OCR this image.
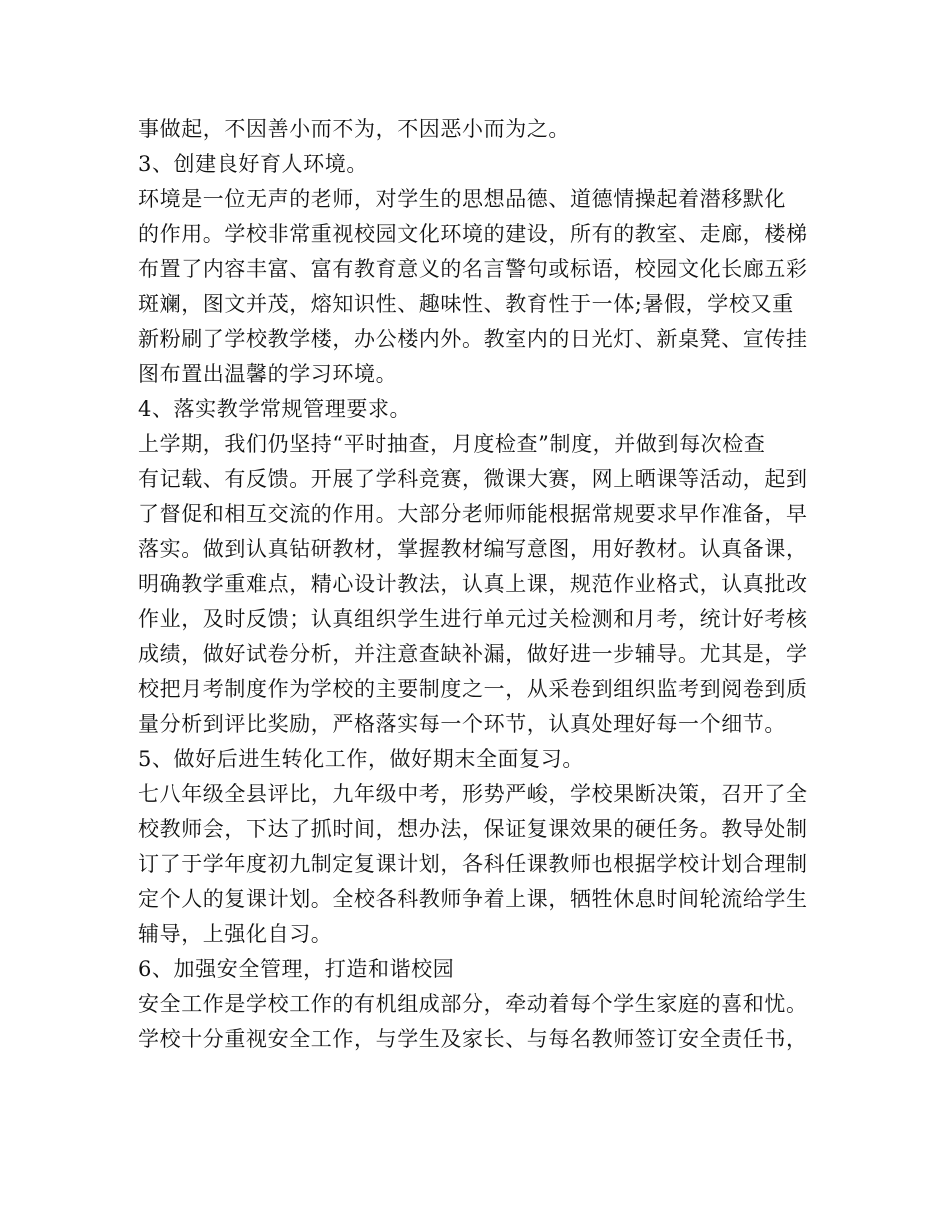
事做起，不因善小而不为，不因恶小而为之。
3、创建良好育人环境。
环境是一位无声的老师，对学生的思想品德、道德情操起着潜移默化
的作用。学校非常重视校园文化环境的建设，所有的教室、走廊，楼梯
布置了内容丰富、富有教育意义的名言警句或标语，校园文化长廊五彩
斑斓，图文并茂，熔知识性、趣味性、教育性于一体;暑假，学校又重
新粉刷了学校教学楼，办公楼内外。教室内的日光灯、新桌凳、宣传挂
图布置出温馨的学习环境。
4、落实教学常规管理要求。
上学期，我们仍坚持“平时抽查，月度检查”制度，并做到每次检查
有记载、有反馈。开展了学科竞赛，微课大赛，网上晒课等活动，起到
了督促和相互交流的作用。大部分老师师能根据常规要求早作准备，早
落实。做到认真钻研教材，掌握教材编写意图，用好教材。认真备课，
明确教学重难点，精心设计教法，认真上课，规范作业格式，认真批改
作业，及时反馈；认真组织学生进行单元过关检测和月考，统计好考核
成绩，做好试卷分析，并注意查缺补漏，做好进一步辅导。尤其是，学
校把月考制度作为学校的主要制度之一，从采卷到组织监考到阅卷到质
量分析到评比奖励，严格落实每一个环节，认真处理好每一个细节。
5、做好后进生转化工作，做好期末全面复习。
七八年级全县评比，九年级中考，形势严峻，学校果断决策，召开了全
校教师会，下达了抓时间，想办法，保证复课效果的硬任务。教导处制
订了于学年度初九制定复课计划，各科任课教师也根据学校计划合理制
定个人的复课计划。全校各科教师争着上课，牺牲休息时间轮流给学生
辅导，上强化自习。
6、加强安全管理，打造和谐校园
安全工作是学校工作的有机组成部分，牵动着每个学生家庭的喜和忧。
学校十分重视安全工作，与学生及家长、与每名教师签订安全责任书，
